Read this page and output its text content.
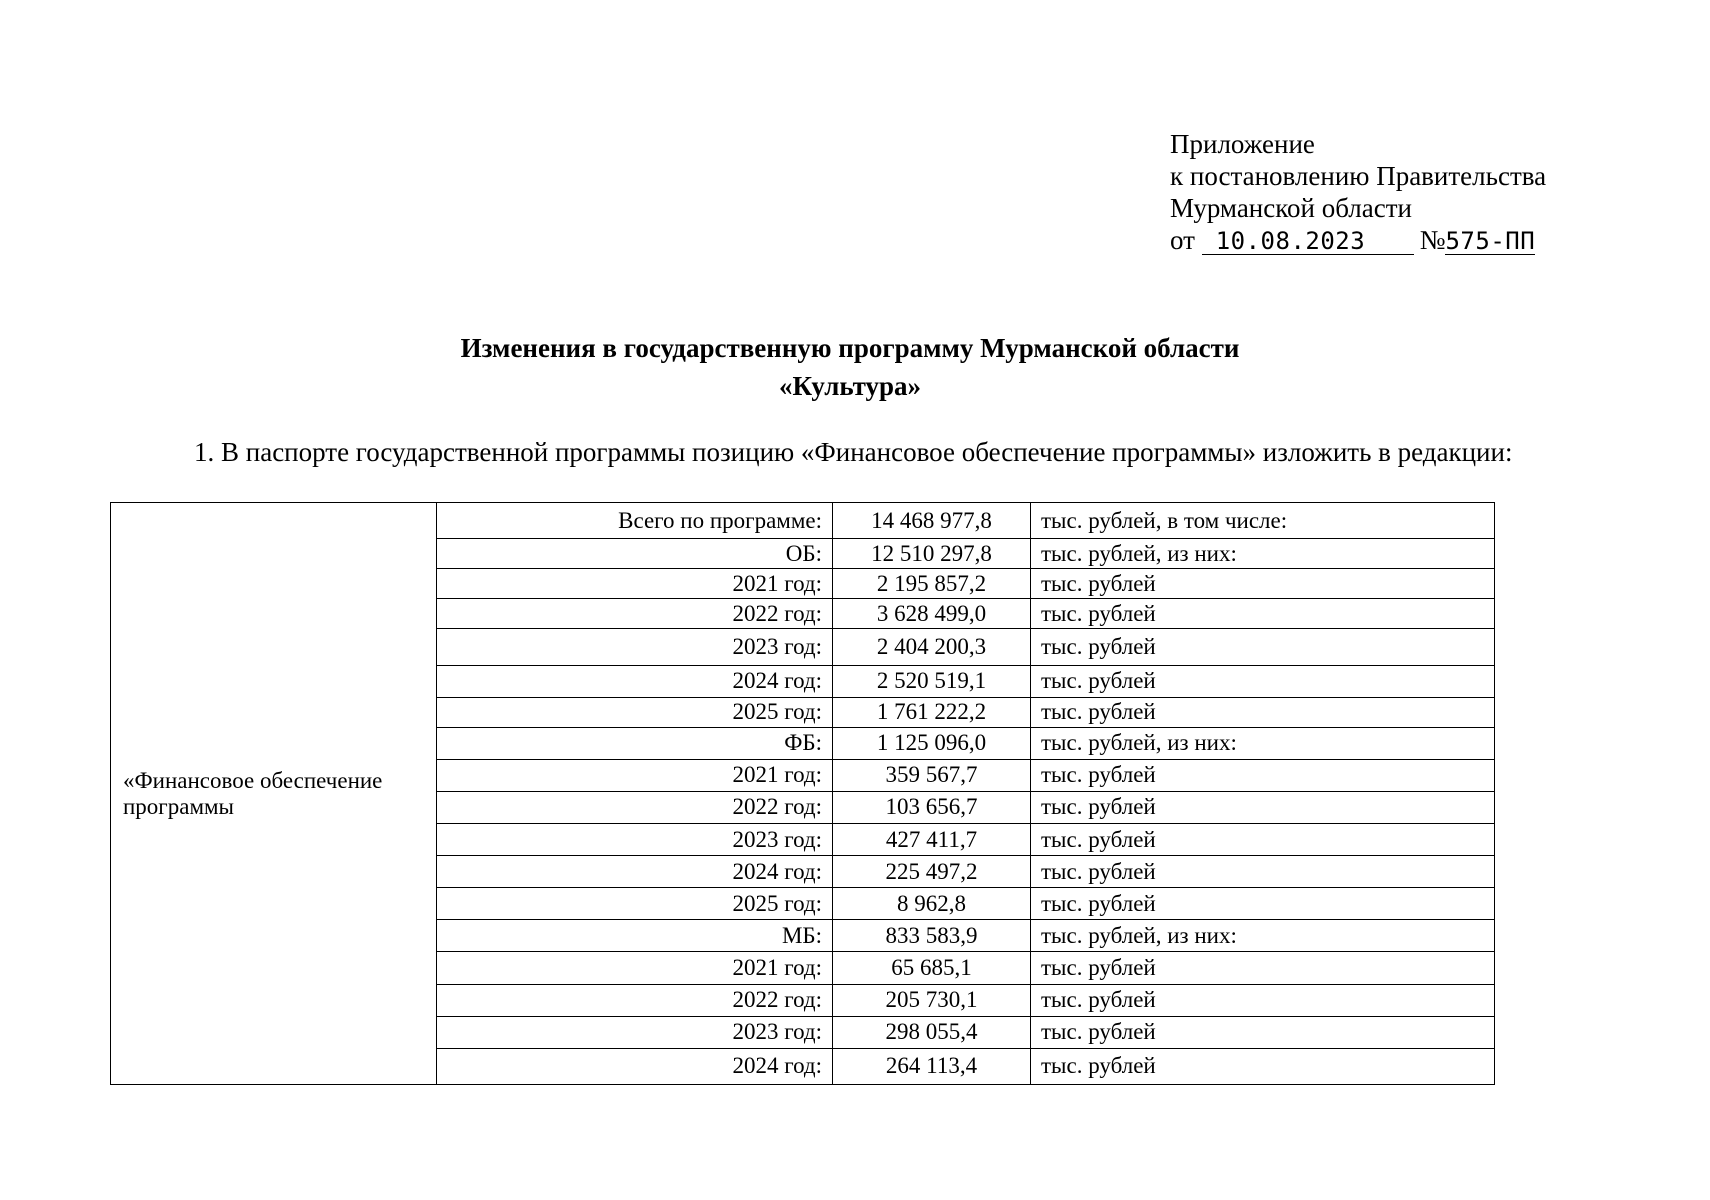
Приложение
к постановлению Правительства
Мурманской области
от 10.08.2023 №575-ПП
Изменения в государственную программу Мурманской области
«Культура»
1. В паспорте государственной программы позицию «Финансовое обеспечение программы» изложить в редакции:
«Финансовое обеспечение программы	Всего по программе:	14 468 977,8	тыс. рублей, в том числе:
	ОБ:	12 510 297,8	тыс. рублей, из них:
	2021 год:	2 195 857,2	тыс. рублей
	2022 год:	3 628 499,0	тыс. рублей
	2023 год:	2 404 200,3	тыс. рублей
	2024 год:	2 520 519,1	тыс. рублей
	2025 год:	1 761 222,2	тыс. рублей
	ФБ:	1 125 096,0	тыс. рублей, из них:
	2021 год:	359 567,7	тыс. рублей
	2022 год:	103 656,7	тыс. рублей
	2023 год:	427 411,7	тыс. рублей
	2024 год:	225 497,2	тыс. рублей
	2025 год:	8 962,8	тыс. рублей
	МБ:	833 583,9	тыс. рублей, из них:
	2021 год:	65 685,1	тыс. рублей
	2022 год:	205 730,1	тыс. рублей
	2023 год:	298 055,4	тыс. рублей
	2024 год:	264 113,4	тыс. рублей
